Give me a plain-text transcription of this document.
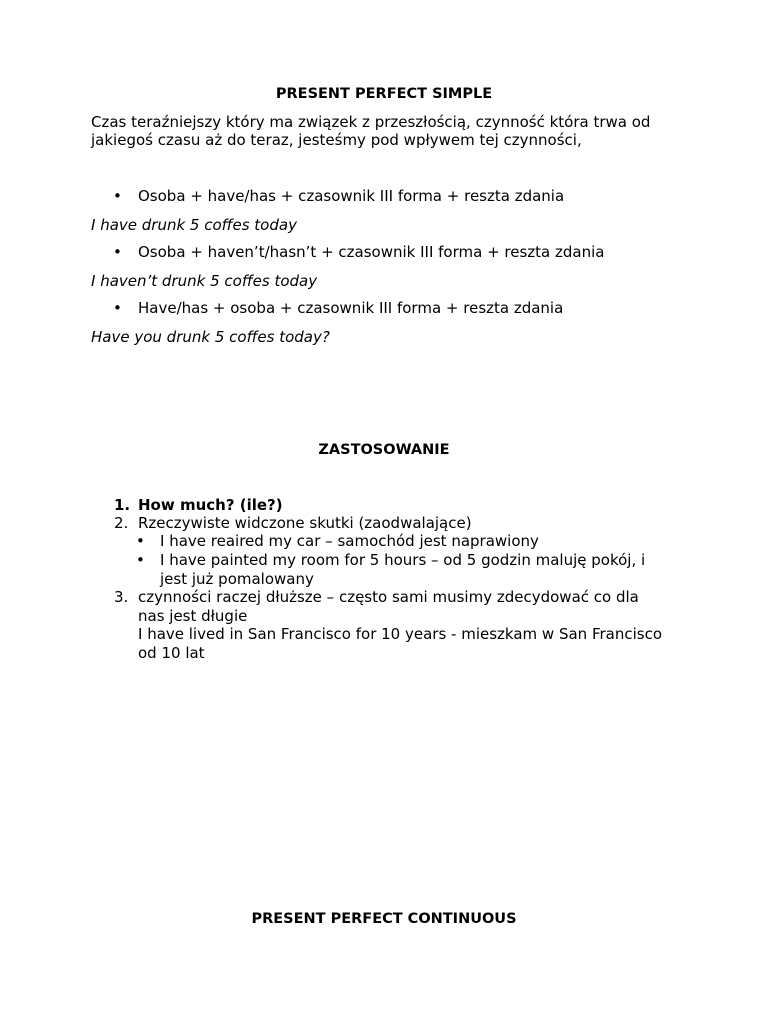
PRESENT PERFECT SIMPLE

Czas teraźniejszy który ma związek z przeszłością, czynność która trwa od jakiegoś czasu aż do teraz, jesteśmy pod wpływem tej czynności,

• Osoba + have/has + czasownik III forma + reszta zdania

I have drunk 5 coffes today

• Osoba + haven’t/hasn’t + czasownik III forma + reszta zdania

I haven’t drunk 5 coffes today

• Have/has + osoba + czasownik III forma + reszta zdania

Have you drunk 5 coffes today?

ZASTOSOWANIE
1. How much? (ile?)
2. Rzeczywiste widczone skutki (zaodwalające)
• I have reaired my car – samochód jest naprawiony
• I have painted my room for 5 hours – od 5 godzin maluję pokój, i jest już pomalowany
3. czynności raczej dłuższe – często sami musimy zdecydować co dla nas jest długie
I have lived in San Francisco for 10 years - mieszkam w San Francisco od 10 lat
PRESENT PERFECT CONTINUOUS
